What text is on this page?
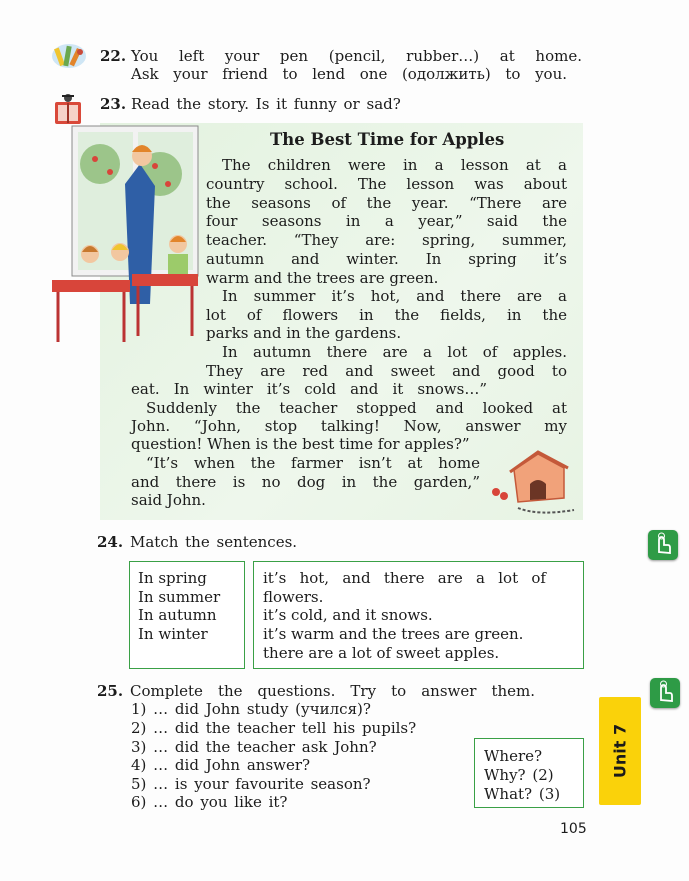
22. You left your pen (pencil, rubber…) at home.
Ask your friend to lend one (одолжить) to you.
23. Read the story. Is it funny or sad?
The Best Time for Apples
The children were in a lesson at a
country school. The lesson was about
the seasons of the year. “There are
four seasons in a year,” said the
teacher. “They are: spring, summer,
autumn and winter. In spring it’s
warm and the trees are green.
In summer it’s hot, and there are a
lot of flowers in the fields, in the
parks and in the gardens.
In autumn there are a lot of apples.
They are red and sweet and good to
eat. In winter it’s cold and it snows…”
Suddenly the teacher stopped and looked at
John. “John, stop talking! Now, answer my
question! When is the best time for apples?”
“It’s when the farmer isn’t at home
and there is no dog in the garden,”
said John.
24. Match the sentences.
In spring
In summer
In autumn
In winter
it’s hot, and there are a lot of
flowers.
it’s cold, and it snows.
it’s warm and the trees are green.
there are a lot of sweet apples.
25. Complete the questions. Try to answer them.
1) … did John study (учился)?
2) … did the teacher tell his pupils?
3) … did the teacher ask John?
4) … did John answer?
5) … is your favourite season?
6) … do you like it?
Where?
Why? (2)
What? (3)
Unit 7
105
